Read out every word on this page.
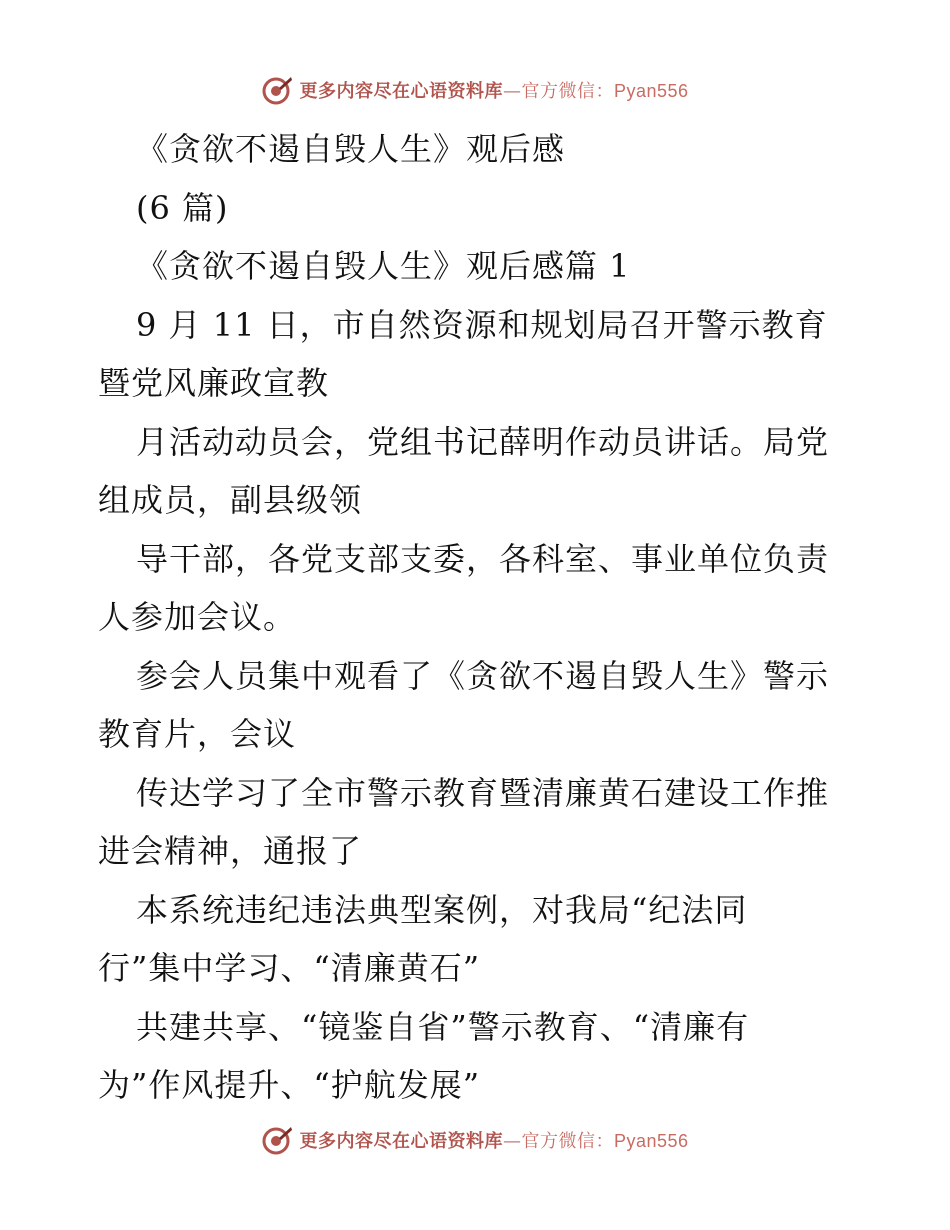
更多内容尽在心语资料库—官方微信：Pyan556
《贪欲不遏自毁人生》观后感
(6 篇)
《贪欲不遏自毁人生》观后感篇 1
9 月 11 日，市自然资源和规划局召开警示教育
暨党风廉政宣教
月活动动员会，党组书记薛明作动员讲话。局党
组成员，副县级领
导干部，各党支部支委，各科室、事业单位负责
人参加会议。
参会人员集中观看了《贪欲不遏自毁人生》警示
教育片，会议
传达学习了全市警示教育暨清廉黄石建设工作推
进会精神，通报了
本系统违纪违法典型案例，对我局“纪法同
行”集中学习、“清廉黄石”
共建共享、“镜鉴自省”警示教育、“清廉有
为”作风提升、“护航发展”
更多内容尽在心语资料库—官方微信：Pyan556
